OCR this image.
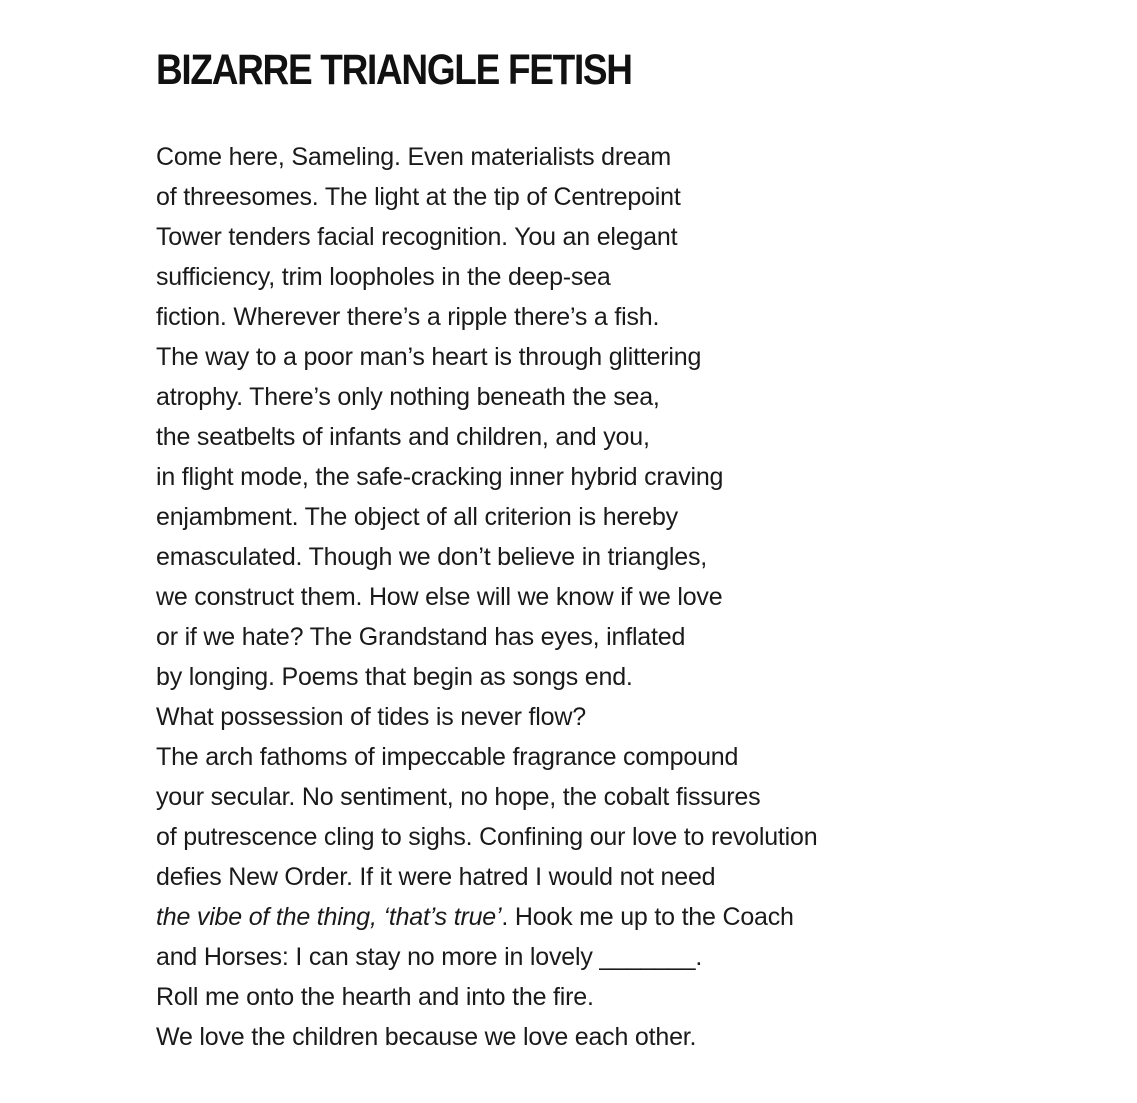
BIZARRE TRIANGLE FETISH
Come here, Sameling. Even materialists dream
of threesomes. The light at the tip of Centrepoint
Tower tenders facial recognition. You an elegant
sufficiency, trim loopholes in the deep-sea
fiction. Wherever there’s a ripple there’s a fish.
The way to a poor man’s heart is through glittering
atrophy. There’s only nothing beneath the sea,
the seatbelts of infants and children, and you,
in flight mode, the safe-cracking inner hybrid craving
enjambment. The object of all criterion is hereby
emasculated. Though we don’t believe in triangles,
we construct them. How else will we know if we love
or if we hate? The Grandstand has eyes, inflated
by longing. Poems that begin as songs end.
What possession of tides is never flow?
The arch fathoms of impeccable fragrance compound
your secular. No sentiment, no hope, the cobalt fissures
of putrescence cling to sighs. Confining our love to revolution
defies New Order. If it were hatred I would not need
the vibe of the thing, ‘that’s true’. Hook me up to the Coach
and Horses: I can stay no more in lovely _______.
Roll me onto the hearth and into the fire.
We love the children because we love each other.
